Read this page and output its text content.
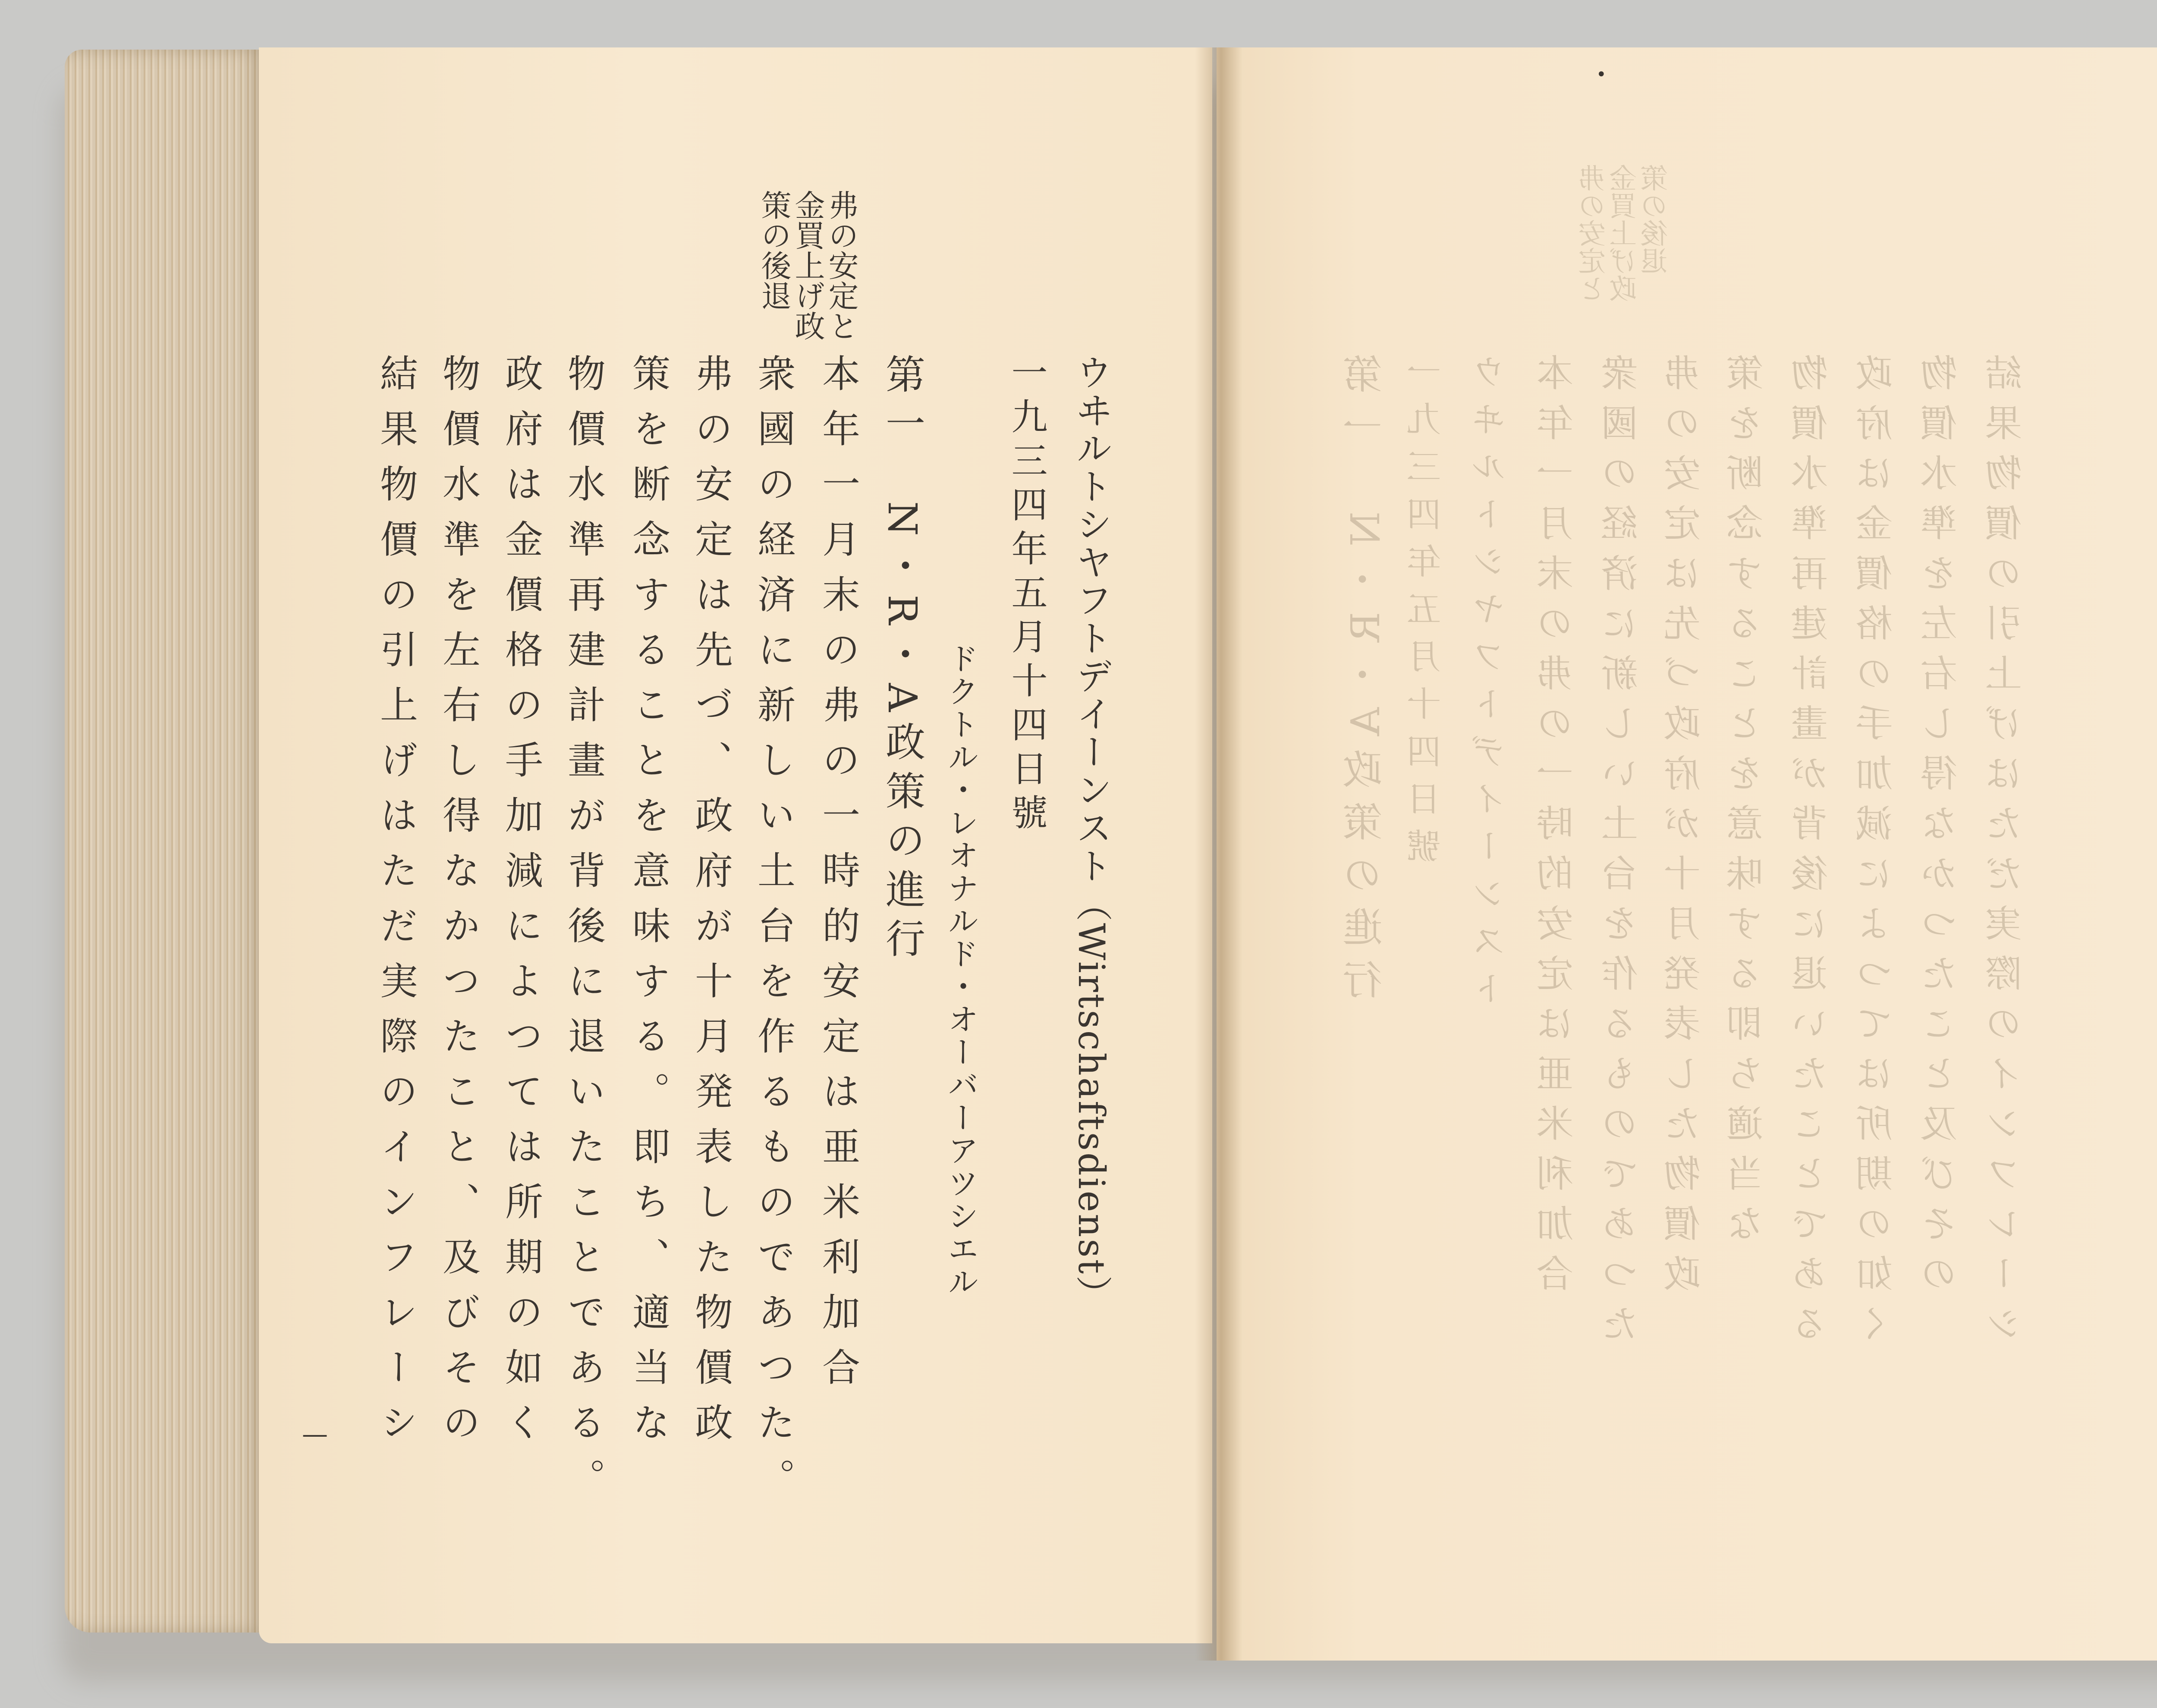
弗の安定と
金買上げ政
策の後退
ウヰルトシヤフトデイーンスト（Wirtschaftsdienst）
一九三四年五月十四日號
ドクトル・レオナルド・オーバーアツシエル
第一　N・R・A政策の進行
本年一月末の弗の一時的安定は亜米利加合
衆國の経済に新しい土台を作るものであつた。
弗の安定は先づ、政府が十月発表した物價政
策を断念することを意味する。即ち、適当な
物價水準再建計畫が背後に退いたことである。
政府は金價格の手加減によつては所期の如く
物價水準を左右し得なかつたこと、及びその
結果物價の引上げはただ実際のインフレーシ
—
弗の安定と
金買上げ政
策の後退
第一　N・R・A政策の進行 一九三四年五月十四日號 ウヰルトシヤフトデイーンスト 本年一月末の弗の一時的安定は亜米利加合 衆國の経済に新しい土台を作るものであつた 弗の安定は先づ政府が十月発表した物價政 策を断念することを意味する即ち適当な 物價水準再建計畫が背後に退いたことである 政府は金價格の手加減によつては所期の如く 物價水準を左右し得なかつたこと及びその 結果物價の引上げはただ実際のインフレーシ
•
